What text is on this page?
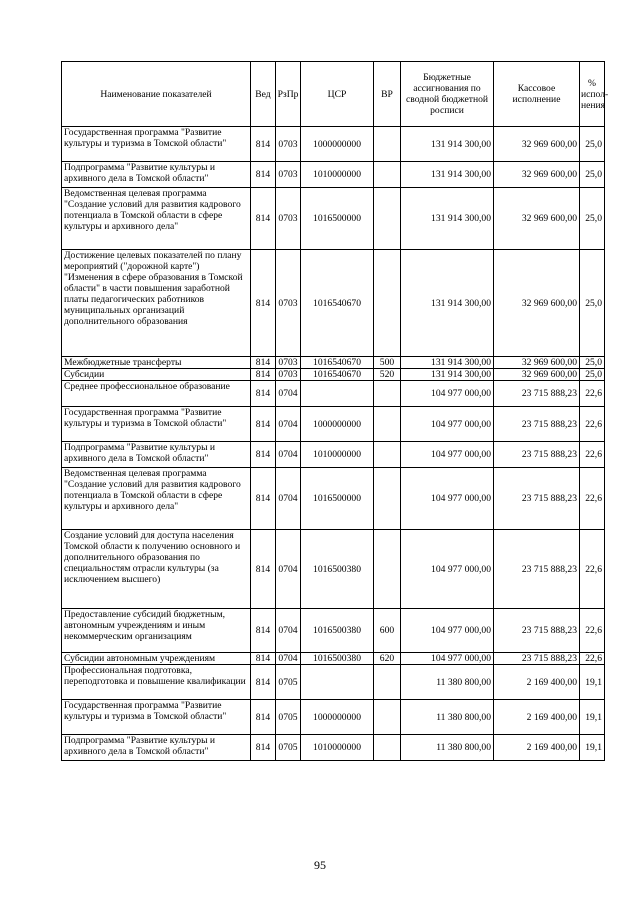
Наименование показателей	Вед	РзПр	ЦСР	ВР	Бюджетные ассигнования по сводной бюджетной росписи	Кассовое исполнение	% испол-нения
Государственная программа "Развитие культуры и туризма в Томской области"	814	0703	1000000000		131 914 300,00	32 969 600,00	25,0
Подпрограмма "Развитие культуры и архивного дела в Томской области"	814	0703	1010000000		131 914 300,00	32 969 600,00	25,0
Ведомственная целевая программа "Создание условий для развития кадрового потенциала в Томской области в сфере культуры и архивного дела"	814	0703	1016500000		131 914 300,00	32 969 600,00	25,0
Достижение целевых показателей по плану мероприятий ("дорожной карте") "Изменения в сфере образования в Томской области" в части повышения заработной платы педагогических работников муниципальных организаций дополнительного образования	814	0703	1016540670		131 914 300,00	32 969 600,00	25,0
Межбюджетные трансферты	814	0703	1016540670	500	131 914 300,00	32 969 600,00	25,0
Субсидии	814	0703	1016540670	520	131 914 300,00	32 969 600,00	25,0
Среднее профессиональное образование	814	0704			104 977 000,00	23 715 888,23	22,6
Государственная программа "Развитие культуры и туризма в Томской области"	814	0704	1000000000		104 977 000,00	23 715 888,23	22,6
Подпрограмма "Развитие культуры и архивного дела в Томской области"	814	0704	1010000000		104 977 000,00	23 715 888,23	22,6
Ведомственная целевая программа "Создание условий для развития кадрового потенциала в Томской области в сфере культуры и архивного дела"	814	0704	1016500000		104 977 000,00	23 715 888,23	22,6
Создание условий для доступа населения Томской области к получению основного и дополнительного образования по специальностям отрасли культуры (за исключением высшего)	814	0704	1016500380		104 977 000,00	23 715 888,23	22,6
Предоставление субсидий бюджетным, автономным учреждениям и иным некоммерческим организациям	814	0704	1016500380	600	104 977 000,00	23 715 888,23	22,6
Субсидии автономным учреждениям	814	0704	1016500380	620	104 977 000,00	23 715 888,23	22,6
Профессиональная подготовка, переподготовка и повышение квалификации	814	0705			11 380 800,00	2 169 400,00	19,1
Государственная программа "Развитие культуры и туризма в Томской области"	814	0705	1000000000		11 380 800,00	2 169 400,00	19,1
Подпрограмма "Развитие культуры и архивного дела в Томской области"	814	0705	1010000000		11 380 800,00	2 169 400,00	19,1
95
